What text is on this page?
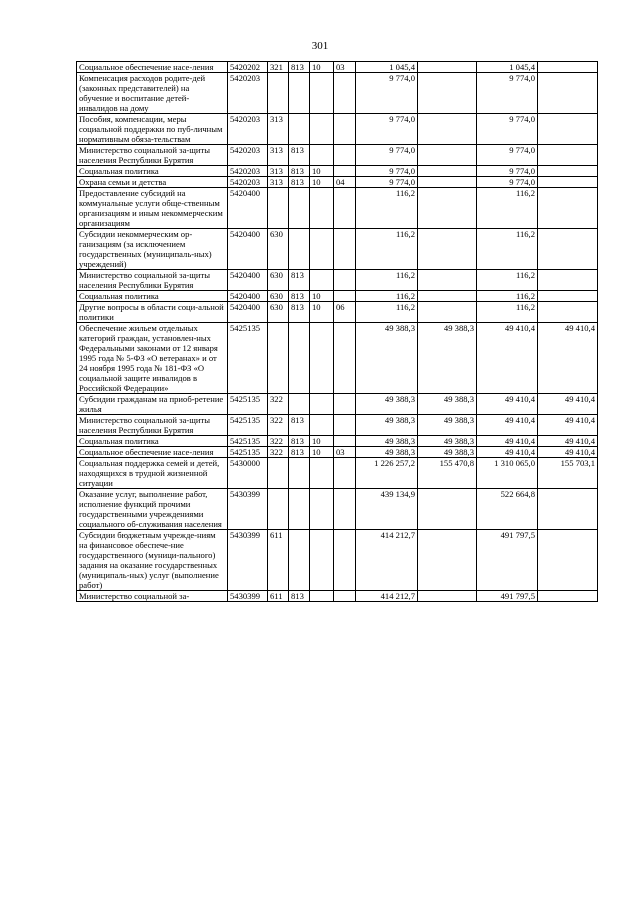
301
Социальное обеспечение насе-ления	5420202	321	813	10	03	1 045,4		1 045,4	
Компенсация расходов родите-дей (законных представителей) на обучение и воспитание детей-инвалидов на дому	5420203					9 774,0		9 774,0	
Пособия, компенсации, меры социальной поддержки по пуб-личным нормативным обяза-тельствам	5420203	313				9 774,0		9 774,0	
Министерство социальной за-щиты населения Республики Бурятия	5420203	313	813			9 774,0		9 774,0	
Социальная политика	5420203	313	813	10		9 774,0		9 774,0	
Охрана семьи и детства	5420203	313	813	10	04	9 774,0		9 774,0	
Предоставление субсидий на коммунальные услуги обще-ственным организациям и иным некоммерческим организациям	5420400					116,2		116,2	
Субсидии некоммерческим ор-ганизациям (за исключением государственных (муниципаль-ных) учреждений)	5420400	630				116,2		116,2	
Министерство социальной за-щиты населения Республики Бурятия	5420400	630	813			116,2		116,2	
Социальная политика	5420400	630	813	10		116,2		116,2	
Другие вопросы в области соци-альной политики	5420400	630	813	10	06	116,2		116,2	
Обеспечение жильем отдельных категорий граждан, установлен-ных Федеральными законами от 12 января 1995 года № 5-ФЗ «О ветеранах» и от 24 ноября 1995 года № 181-ФЗ «О социальной защите инвалидов в Российской Федерации»	5425135					49 388,3	49 388,3	49 410,4	49 410,4
Субсидии гражданам на приоб-ретение жилья	5425135	322				49 388,3	49 388,3	49 410,4	49 410,4
Министерство социальной за-щиты населения Республики Бурятия	5425135	322	813			49 388,3	49 388,3	49 410,4	49 410,4
Социальная политика	5425135	322	813	10		49 388,3	49 388,3	49 410,4	49 410,4
Социальное обеспечение насе-ления	5425135	322	813	10	03	49 388,3	49 388,3	49 410,4	49 410,4
Социальная поддержка семей и детей, находящихся в трудной жизненной ситуации	5430000					1 226 257,2	155 470,8	1 310 065,0	155 703,1
Оказание услуг, выполнение работ, исполнение функций прочими государственными учреждениями социального об-служивания населения	5430399					439 134,9		522 664,8	
Субсидии бюджетным учрежде-ниям на финансовое обеспече-ние государственного (муници-пального) задания на оказание государственных (муниципаль-ных) услуг (выполнение работ)	5430399	611				414 212,7		491 797,5	
Министерство социальной за-	5430399	611	813			414 212,7		491 797,5	
